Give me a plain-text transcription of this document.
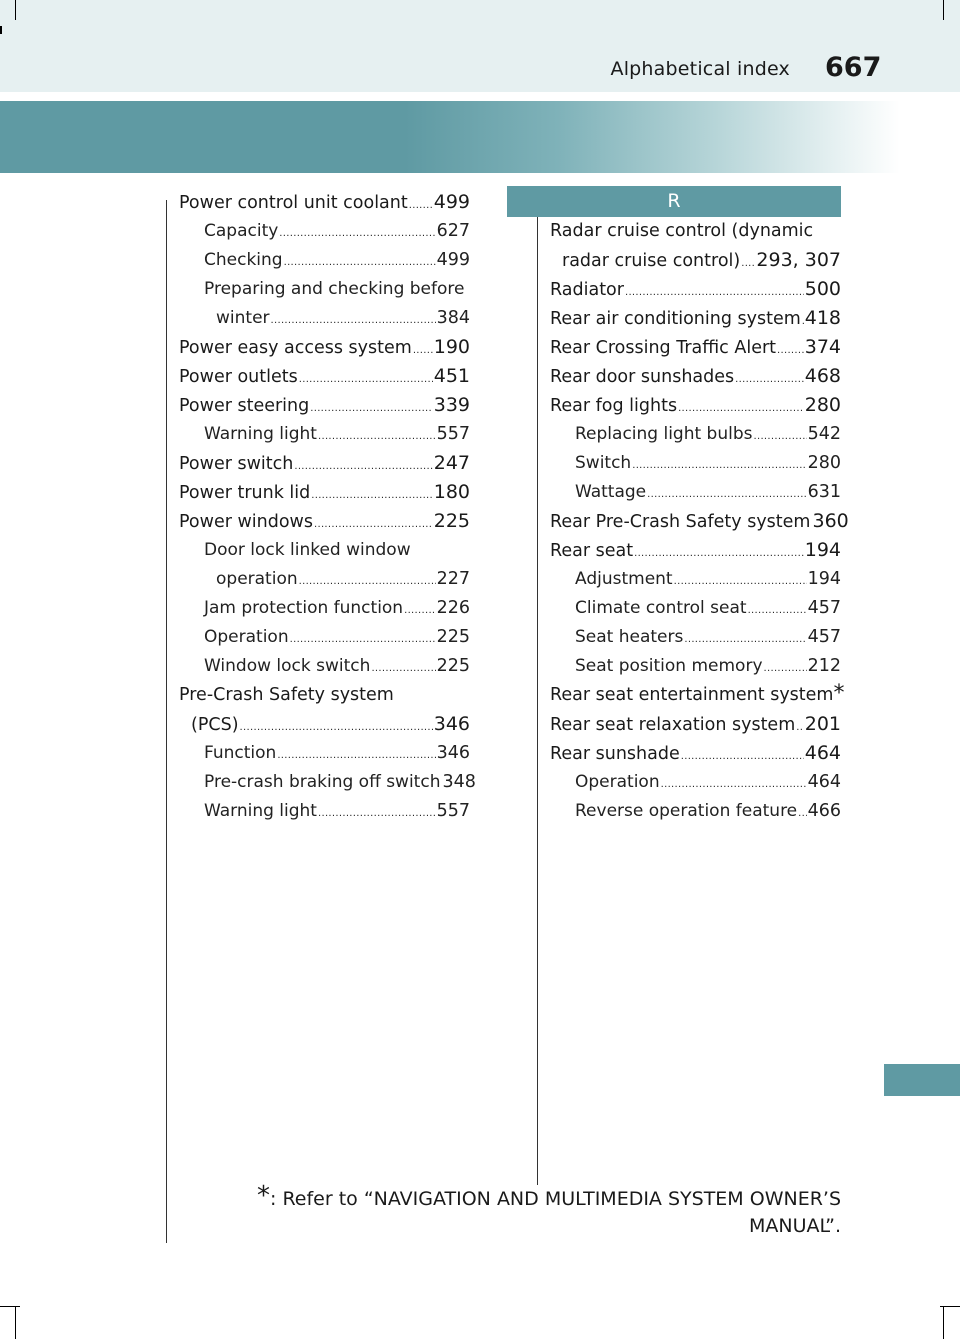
Alphabetical index 667
R
Power control unit coolant ..... 499
Capacity .....	627
Checking .....	499
Preparing and checking before
winter .....	384
Power easy access system ..... 190
Power outlets .....	451
Power steering .....	339
Warning light .....	557
Power switch .....	247
Power trunk lid .....	180
Power windows .....	225
Door lock linked window
operation .....	227
Jam protection function ..... 226
Operation .....	225
Window lock switch .....	225
Pre-Crash Safety system
(PCS) .....	346
Function .....	346
Pre-crash braking off switch 348
Warning light .....	557
Radar cruise control (dynamic
radar cruise control) ..... 293, 307
Radiator .....	500
Rear air conditioning system ..... 418
Rear Crossing Traffic Alert ..... 374
Rear door sunshades .....	468
Rear fog lights .....	280
Replacing light bulbs .....	542
Switch .....	280
Wattage .....	631
Rear Pre-Crash Safety system 360
Rear seat .....	194
Adjustment .....	194
Climate control seat .....	457
Seat heaters .....	457
Seat position memory .....	212
Rear seat entertainment system *
Rear seat relaxation system ..... 201
Rear sunshade .....	464
Operation .....	464
Reverse operation feature ..... 466
*: Refer to “NAVIGATION AND MULTIMEDIA SYSTEM OWNER’S
MANUAL”.
